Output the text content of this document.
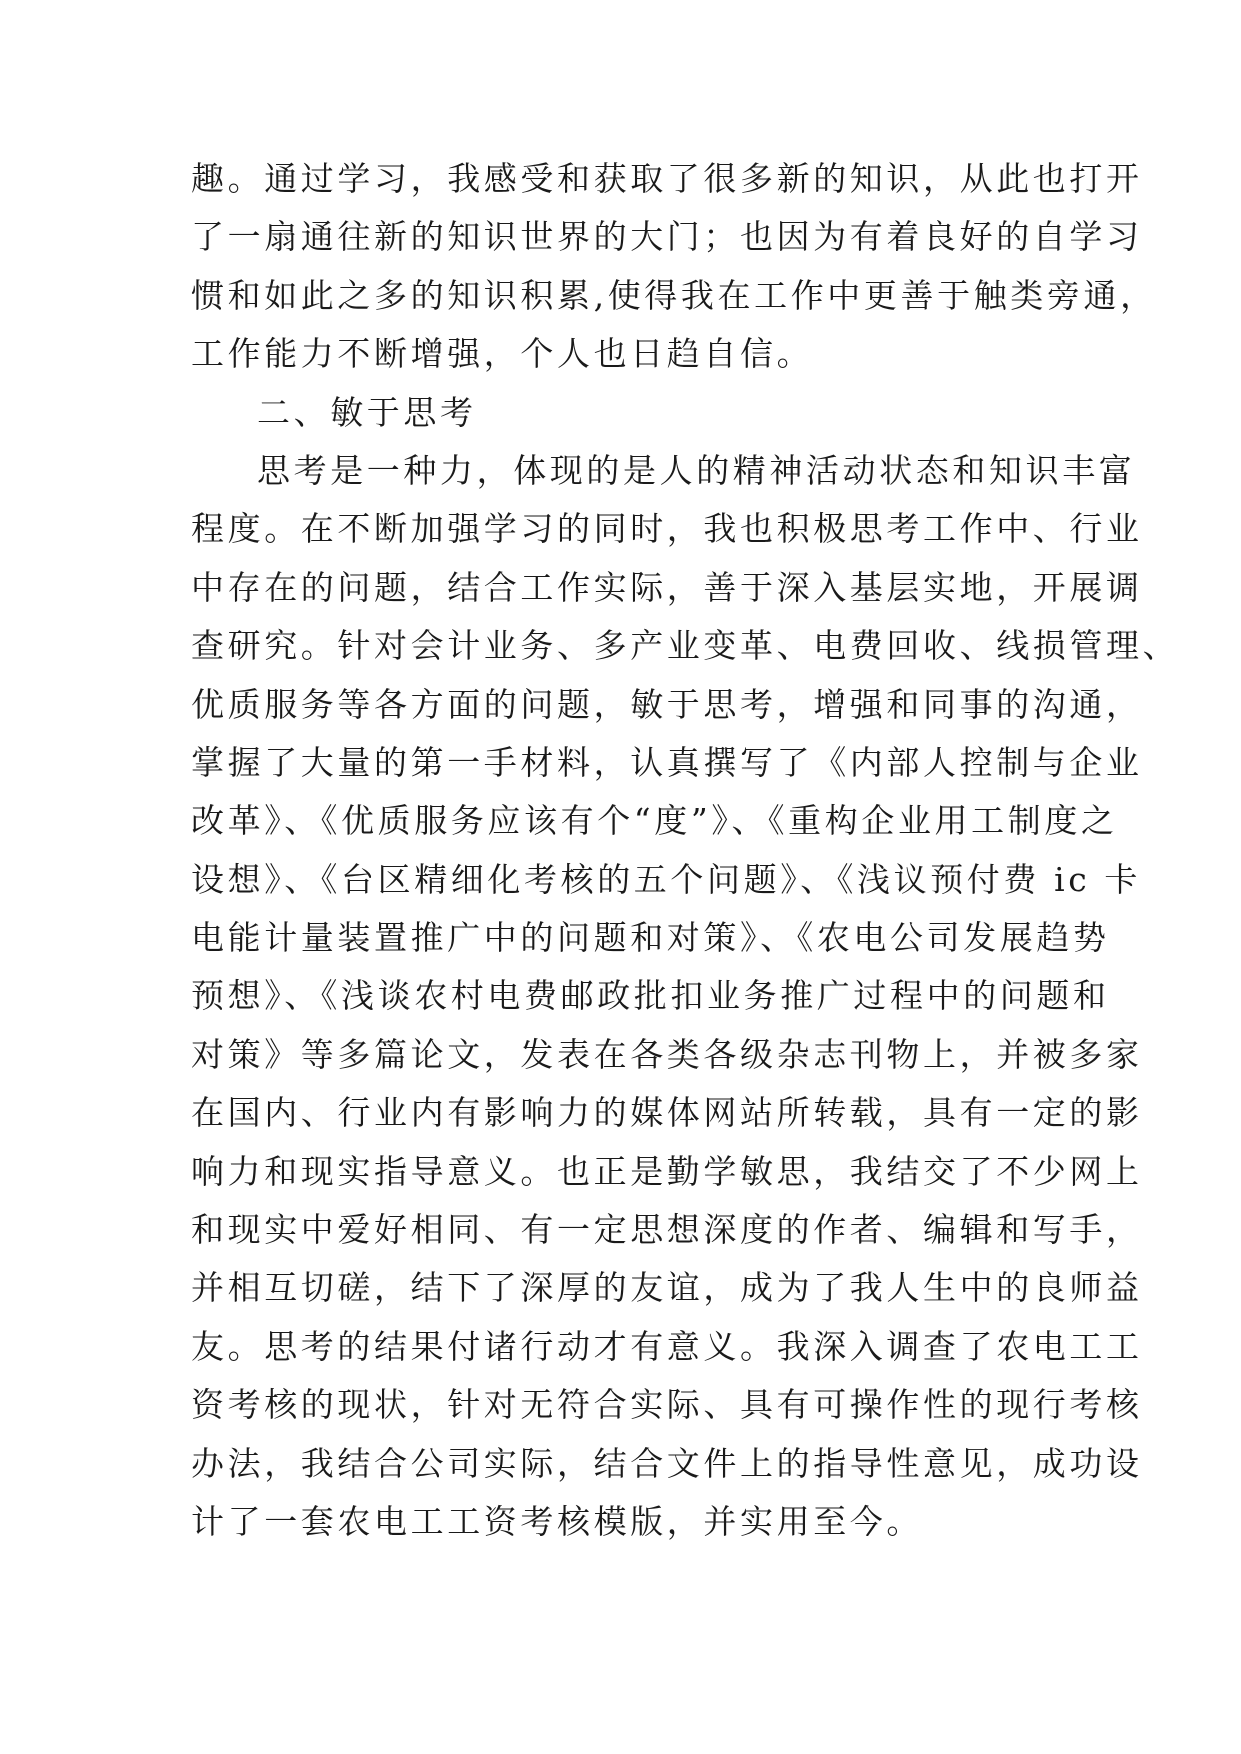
趣。通过学习，我感受和获取了很多新的知识，从此也打开
了一扇通往新的知识世界的大门；也因为有着良好的自学习
惯和如此之多的知识积累,使得我在工作中更善于触类旁通，
工作能力不断增强，个人也日趋自信。
二、敏于思考
思考是一种力，体现的是人的精神活动状态和知识丰富
程度。在不断加强学习的同时，我也积极思考工作中、行业
中存在的问题，结合工作实际，善于深入基层实地，开展调
查研究。针对会计业务、多产业变革、电费回收、线损管理、
优质服务等各方面的问题，敏于思考，增强和同事的沟通，
掌握了大量的第一手材料，认真撰写了《内部人控制与企业
改革》、《优质服务应该有个“度”》、《重构企业用工制度之
设想》、《台区精细化考核的五个问题》、《浅议预付费 ic 卡
电能计量装置推广中的问题和对策》、《农电公司发展趋势
预想》、《浅谈农村电费邮政批扣业务推广过程中的问题和
对策》等多篇论文，发表在各类各级杂志刊物上，并被多家
在国内、行业内有影响力的媒体网站所转载，具有一定的影
响力和现实指导意义。也正是勤学敏思，我结交了不少网上
和现实中爱好相同、有一定思想深度的作者、编辑和写手，
并相互切磋，结下了深厚的友谊，成为了我人生中的良师益
友。思考的结果付诸行动才有意义。我深入调查了农电工工
资考核的现状，针对无符合实际、具有可操作性的现行考核
办法，我结合公司实际，结合文件上的指导性意见，成功设
计了一套农电工工资考核模版，并实用至今。
